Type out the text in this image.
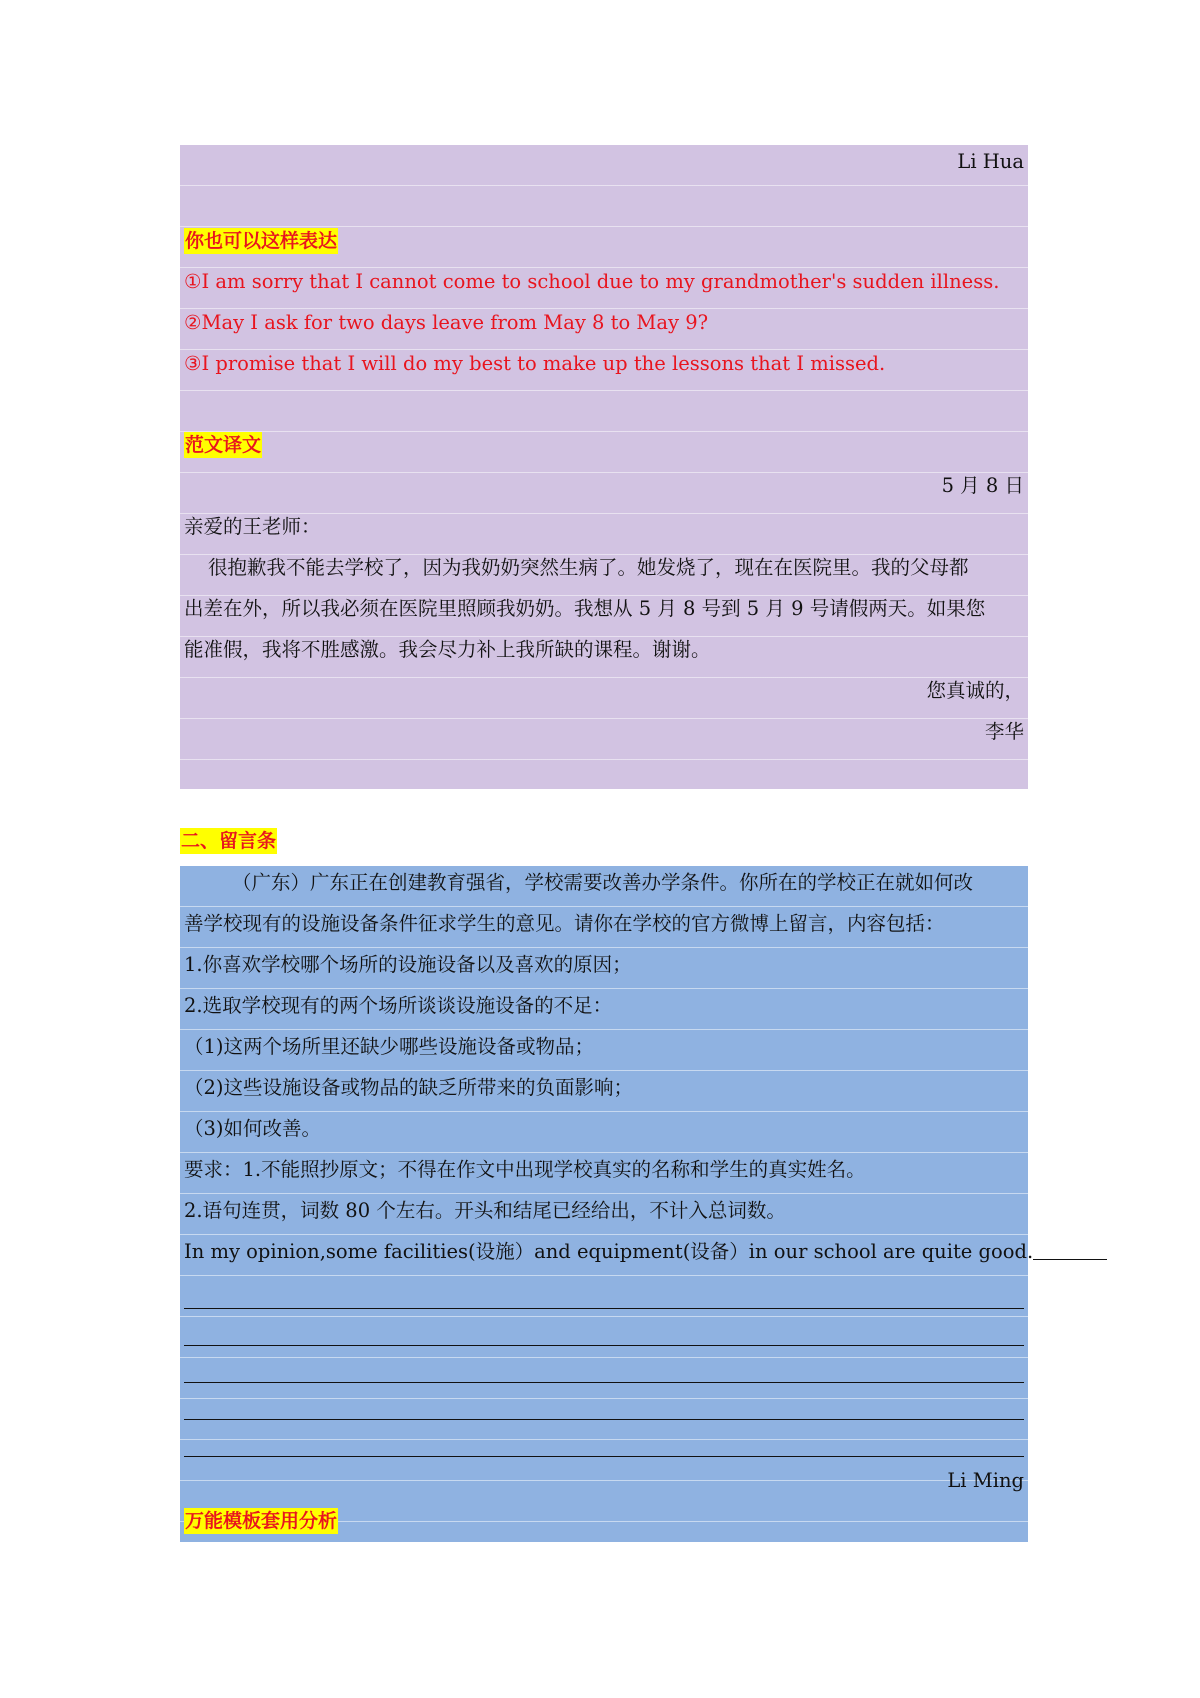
Li Hua
你也可以这样表达
①I am sorry that I cannot come to school due to my grandmother's sudden illness.
②May I ask for two days leave from May 8 to May 9?
③I promise that I will do my best to make up the lessons that I missed.
范文译文
5 月 8 日
亲爱的王老师：
很抱歉我不能去学校了，因为我奶奶突然生病了。她发烧了，现在在医院里。我的父母都
出差在外，所以我必须在医院里照顾我奶奶。我想从 5 月 8 号到 5 月 9 号请假两天。如果您
能准假，我将不胜感激。我会尽力补上我所缺的课程。谢谢。
您真诚的，
李华
二、留言条
（广东）广东正在创建教育强省，学校需要改善办学条件。你所在的学校正在就如何改
善学校现有的设施设备条件征求学生的意见。请你在学校的官方微博上留言，内容包括：
1.你喜欢学校哪个场所的设施设备以及喜欢的原因；
2.选取学校现有的两个场所谈谈设施设备的不足：
（1)这两个场所里还缺少哪些设施设备或物品；
（2)这些设施设备或物品的缺乏所带来的负面影响；
（3)如何改善。
要求：1.不能照抄原文；不得在作文中出现学校真实的名称和学生的真实姓名。
2.语句连贯，词数 80 个左右。开头和结尾已经给出，不计入总词数。
In my opinion,some facilities(设施）and equipment(设备）in our school are quite good.
Li Ming
万能模板套用分析
